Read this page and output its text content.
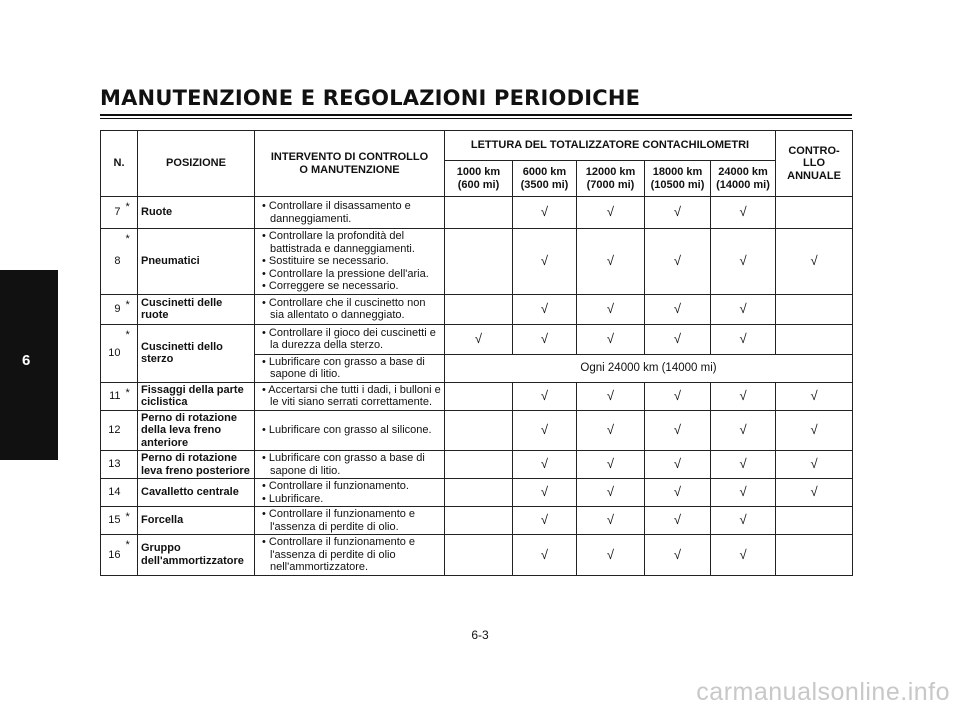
MANUTENZIONE E REGOLAZIONI PERIODICHE
6
N.		POSIZIONE	INTERVENTO DI CONTROLLO
O MANUTENZIONE	LETTURA DEL TOTALIZZATORE CONTACHILOMETRI					CONTRO-
LLO
ANNUALE
				1000 km
(600 mi)	6000 km
(3500 mi)	12000 km
(7000 mi)	18000 km
(10500 mi)	24000 km
(14000 mi)	
7	*	Ruote	• Controllare il disassamento e danneggiamenti.		√	√	√	√	
8	*	Pneumatici	• Controllare la profondità del battistrada e danneggiamenti.
• Sostituire se necessario.
• Controllare la pressione dell'aria.
• Correggere se necessario.		√	√	√	√	√
9	*	Cuscinetti delle ruote	• Controllare che il cuscinetto non sia allentato o danneggiato.		√	√	√	√	
10	*	Cuscinetti dello sterzo	• Controllare il gioco dei cuscinetti e la durezza della sterzo.	√	√	√	√	√	

			• Lubrificare con grasso a base di sapone di litio.	Ogni 24000 km (14000 mi)					
11	*	Fissaggi della parte ciclistica	• Accertarsi che tutti i dadi, i bulloni e le viti siano serrati correttamente.		√	√	√	√	√
12		Perno di rotazione della leva freno anteriore	• Lubrificare con grasso al silicone.		√	√	√	√	√
13		Perno di rotazione leva freno posteriore	• Lubrificare con grasso a base di sapone di litio.		√	√	√	√	√
14		Cavalletto centrale	• Controllare il funzionamento.
• Lubrificare.		√	√	√	√	√
15	*	Forcella	• Controllare il funzionamento e l'assenza di perdite di olio.		√	√	√	√	
16	*	Gruppo dell'ammortizzatore	• Controllare il funzionamento e l'assenza di perdite di olio nell'ammortizzatore.		√	√	√	√	
6-3
carmanualsonline.info
